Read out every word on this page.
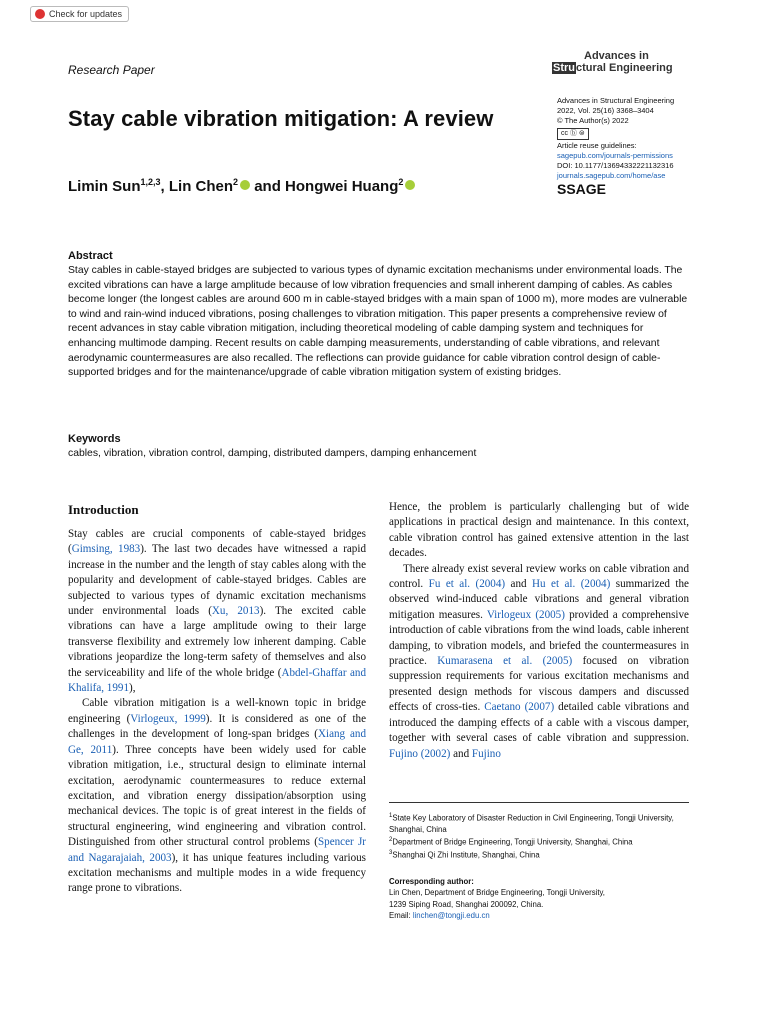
Check for updates
Research Paper
Advances in
Structural Engineering
Advances in Structural Engineering
2022, Vol. 25(16) 3368–3404
© The Author(s) 2022
cc ⓑ ⊜
Article reuse guidelines:
sagepub.com/journals-permissions
DOI: 10.1177/13694332221132316
journals.sagepub.com/home/ase
SSAGE
Stay cable vibration mitigation: A review
Limin Sun$^{1,2,3}$, Lin Chen$^2$ and Hongwei Huang$^2$
Abstract
Stay cables in cable-stayed bridges are subjected to various types of dynamic excitation mechanisms under environmental loads. The excited vibrations can have a large amplitude because of low vibration frequencies and small inherent damping of cables. As cables become longer (the longest cables are around 600 m in cable-stayed bridges with a main span of 1000 m), more modes are vulnerable to wind and rain-wind induced vibrations, posing challenges to vibration mitigation. This paper presents a comprehensive review of recent advances in stay cable vibration mitigation, including theoretical modeling of cable damping system and techniques for enhancing multimode damping. Recent results on cable damping measurements, understanding of cable vibrations, and relevant aerodynamic countermeasures are also recalled. The reflections can provide guidance for cable vibration control design of cable-supported bridges and for the maintenance/upgrade of cable vibration mitigation system of existing bridges.
Keywords
cables, vibration, vibration control, damping, distributed dampers, damping enhancement
Introduction

Stay cables are crucial components of cable-stayed bridges (Gimsing, 1983). The last two decades have witnessed a rapid increase in the number and the length of stay cables along with the popularity and development of cable-stayed bridges. Cables are subjected to various types of dynamic excitation mechanisms under environmental loads (Xu, 2013). The excited cable vibrations can have a large amplitude owing to their large transverse flexibility and extremely low inherent damping. Cable vibrations jeopardize the long-term safety of themselves and also the serviceability and life of the whole bridge (Abdel-Ghaffar and Khalifa, 1991),

Cable vibration mitigation is a well-known topic in bridge engineering (Virlogeux, 1999). It is considered as one of the challenges in the development of long-span bridges (Xiang and Ge, 2011). Three concepts have been widely used for cable vibration mitigation, i.e., structural design to eliminate internal excitation, aerodynamic countermeasures to reduce external excitation, and vibration energy dissipation/absorption using mechanical devices. The topic is of great interest in the fields of structural engineering, wind engineering and vibration control. Distinguished from other structural control problems (Spencer Jr and Nagarajaiah, 2003), it has unique features including various excitation mechanisms and multiple modes in a wide frequency range prone to vibrations.

Hence, the problem is particularly challenging but of wide applications in practical design and maintenance. In this context, cable vibration control has gained extensive attention in the last decades.

There already exist several review works on cable vibration and control. Fu et al. (2004) and Hu et al. (2004) summarized the observed wind-induced cable vibrations and general vibration mitigation measures. Virlogeux (2005) provided a comprehensive introduction of cable vibrations from the wind loads, cable inherent damping, to vibration models, and briefed the countermeasures in practice. Kumarasena et al. (2005) focused on vibration suppression requirements for various excitation mechanisms and presented design methods for viscous dampers and discussed effects of cross-ties. Caetano (2007) detailed cable vibrations and introduced the damping effects of a cable with a viscous damper, together with several cases of cable vibration and suppression. Fujino (2002) and Fujino

$^1$State Key Laboratory of Disaster Reduction in Civil Engineering, Tongji University, Shanghai, China
$^2$Department of Bridge Engineering, Tongji University, Shanghai, China
$^3$Shanghai Qi Zhi Institute, Shanghai, China
Corresponding author:
Lin Chen, Department of Bridge Engineering, Tongji University,
1239 Siping Road, Shanghai 200092, China.
Email: linchen@tongji.edu.cn
